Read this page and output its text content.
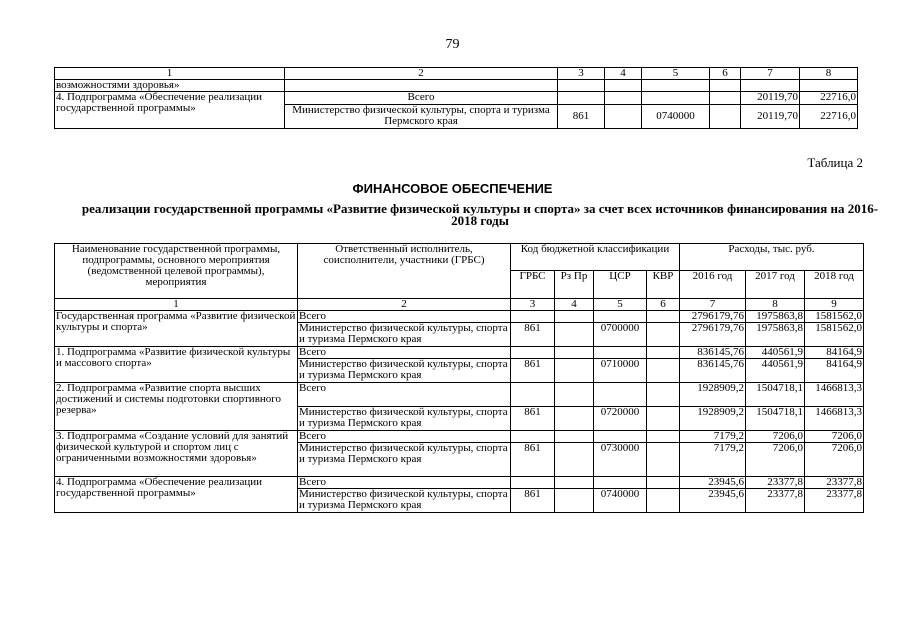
79
1	2	3	4	5	6	7	8
возможностями здоровья»							
4. Подпрограмма «Обеспечение реализации государственной программы»	Всего					20119,70	22716,0
	Министерство физической культуры, спорта и туризма Пермского края	861		0740000		20119,70	22716,0
Таблица 2
ФИНАНСОВОЕ ОБЕСПЕЧЕНИЕ
реализации государственной программы «Развитие физической культуры и спорта» за счет всех источников финансирования на 2016-2018 годы
Наименование государственной программы, подпрограммы, основного мероприятия (ведомственной целевой программы), мероприятия	Ответственный исполнитель, соисполнители, участники (ГРБС)	Код бюджетной классификации				Расходы, тыс. руб.		
		ГРБС	Рз Пр	ЦСР	КВР	2016 год	2017 год	2018 год
1	2	3	4	5	6	7	8	9
Государственная программа «Развитие физической культуры и спорта»	Всего					2796179,76	1975863,8	1581562,0
	Министерство физической культуры, спорта и туризма Пермского края	861		0700000		2796179,76	1975863,8	1581562,0
1. Подпрограмма «Развитие физической культуры и массового спорта»	Всего					836145,76	440561,9	84164,9
	Министерство физической культуры, спорта и туризма Пермского края	861		0710000		836145,76	440561,9	84164,9
2. Подпрограмма «Развитие спорта высших достижений и системы подготовки спортивного резерва»	Всего					1928909,2	1504718,1	1466813,3
	Министерство физической культуры, спорта и туризма Пермского края	861		0720000		1928909,2	1504718,1	1466813,3
3. Подпрограмма «Создание условий для занятий физической культурой и спортом лиц с ограниченными возможностями здоровья»	Всего					7179,2	7206,0	7206,0
	Министерство физической культуры, спорта и туризма Пермского края	861		0730000		7179,2	7206,0	7206,0
4. Подпрограмма «Обеспечение реализации государственной программы»	Всего					23945,6	23377,8	23377,8
	Министерство физической культуры, спорта и туризма Пермского края	861		0740000		23945,6	23377,8	23377,8
